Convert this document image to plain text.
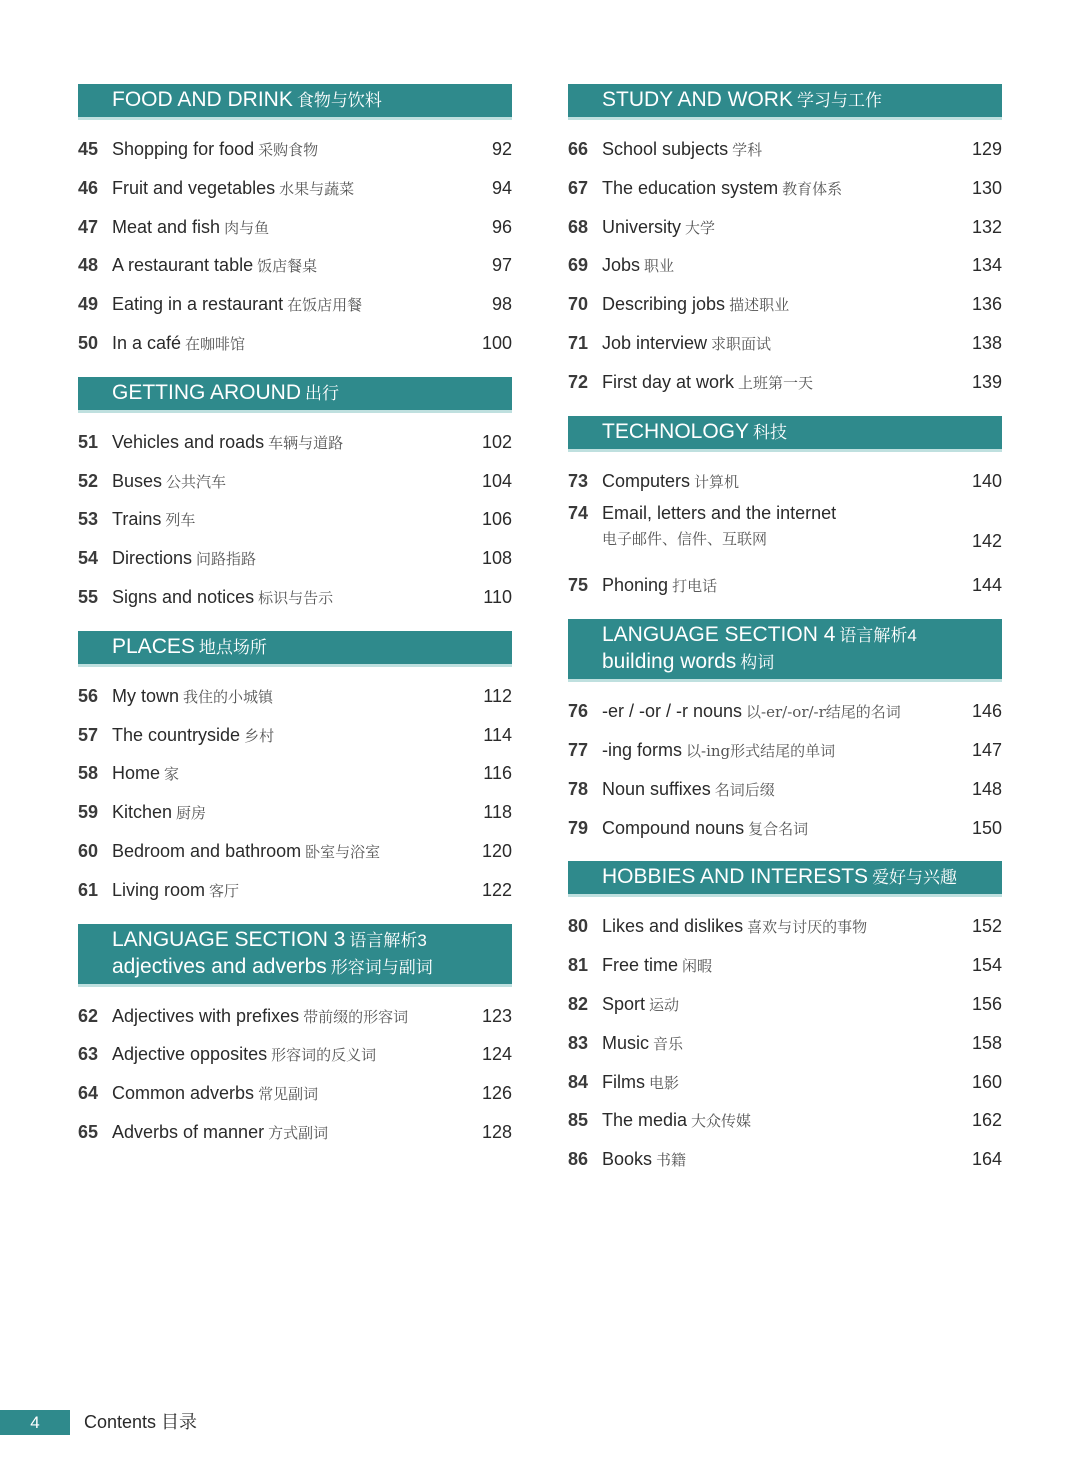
FOOD AND DRINK 食物与饮料
45 Shopping for food 采购食物	92
46 Fruit and vegetables 水果与蔬菜	94
47 Meat and fish 肉与鱼	96
48 A restaurant table 饭店餐桌	97
49 Eating in a restaurant 在饭店用餐	98
50 In a café 在咖啡馆	100
GETTING AROUND 出行
51 Vehicles and roads 车辆与道路	102
52 Buses 公共汽车	104
53 Trains 列车	106
54 Directions 问路指路	108
55 Signs and notices 标识与告示	110
PLACES 地点场所
56 My town 我住的小城镇	112
57 The countryside 乡村	114
58 Home 家	116
59 Kitchen 厨房	118
60 Bedroom and bathroom 卧室与浴室	120
61 Living room 客厅	122
LANGUAGE SECTION 3 语言解析3
adjectives and adverbs 形容词与副词
62 Adjectives with prefixes 带前缀的形容词	123
63 Adjective opposites 形容词的反义词	124
64 Common adverbs 常见副词	126
65 Adverbs of manner 方式副词	128
STUDY AND WORK 学习与工作
66 School subjects 学科	129
67 The education system 教育体系	130
68 University 大学	132
69 Jobs 职业	134
70 Describing jobs 描述职业	136
71 Job interview 求职面试	138
72 First day at work 上班第一天	139
TECHNOLOGY 科技
73 Computers 计算机	140
74 Email, letters and the internet
电子邮件、信件、互联网	142
75 Phoning 打电话	144
LANGUAGE SECTION 4 语言解析4
building words 构词
76 -er / -or / -r nouns 以-er/-or/-r结尾的名词	146
77 -ing forms 以-ing形式结尾的单词	147
78 Noun suffixes 名词后缀	148
79 Compound nouns 复合名词	150
HOBBIES AND INTERESTS 爱好与兴趣
80 Likes and dislikes 喜欢与讨厌的事物	152
81 Free time 闲暇	154
82 Sport 运动	156
83 Music 音乐	158
84 Films 电影	160
85 The media 大众传媒	162
86 Books 书籍	164
4	Contents 目录
